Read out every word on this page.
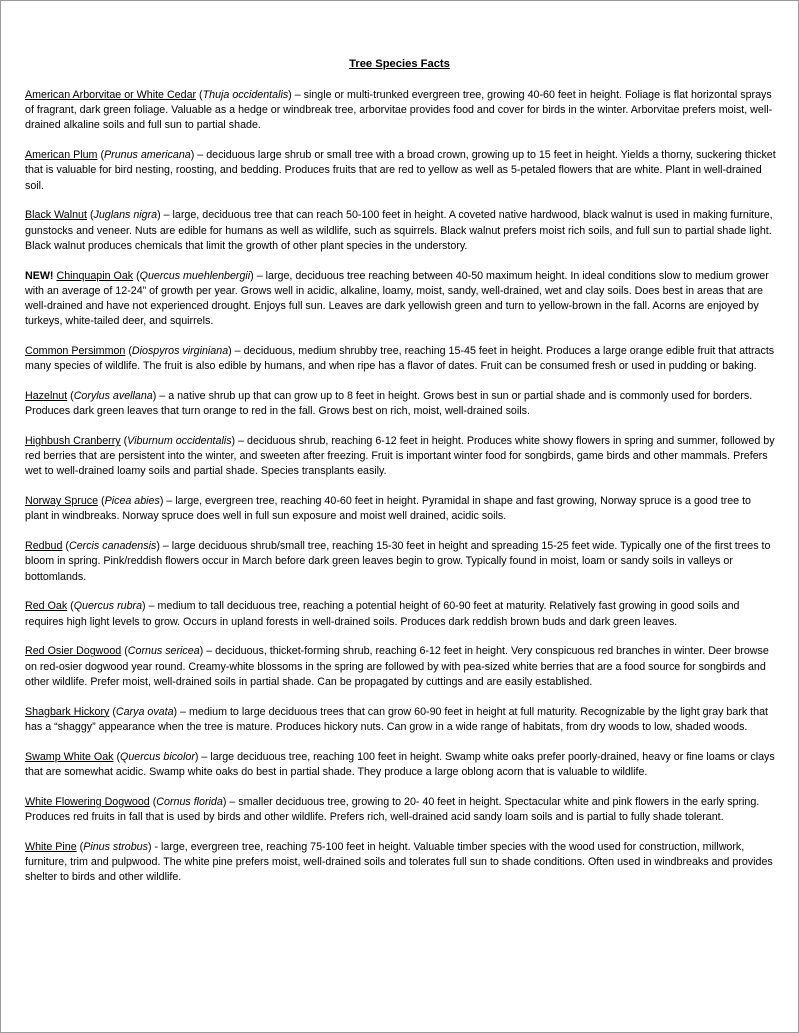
Tree Species Facts

American Arborvitae or White Cedar (Thuja occidentalis) – single or multi-trunked evergreen tree, growing 40-60 feet in height. Foliage is flat horizontal sprays of fragrant, dark green foliage. Valuable as a hedge or windbreak tree, arborvitae provides food and cover for birds in the winter. Arborvitae prefers moist, well-drained alkaline soils and full sun to partial shade.

American Plum (Prunus americana) – deciduous large shrub or small tree with a broad crown, growing up to 15 feet in height. Yields a thorny, suckering thicket that is valuable for bird nesting, roosting, and bedding. Produces fruits that are red to yellow as well as 5-petaled flowers that are white. Plant in well-drained soil.

Black Walnut (Juglans nigra) – large, deciduous tree that can reach 50-100 feet in height. A coveted native hardwood, black walnut is used in making furniture, gunstocks and veneer. Nuts are edible for humans as well as wildlife, such as squirrels. Black walnut prefers moist rich soils, and full sun to partial shade light. Black walnut produces chemicals that limit the growth of other plant species in the understory.

NEW! Chinquapin Oak (Quercus muehlenbergii) – large, deciduous tree reaching between 40-50 maximum height. In ideal conditions slow to medium grower with an average of 12-24” of growth per year. Grows well in acidic, alkaline, loamy, moist, sandy, well-drained, wet and clay soils. Does best in areas that are well-drained and have not experienced drought. Enjoys full sun. Leaves are dark yellowish green and turn to yellow-brown in the fall. Acorns are enjoyed by turkeys, white-tailed deer, and squirrels.

Common Persimmon (Diospyros virginiana) – deciduous, medium shrubby tree, reaching 15-45 feet in height. Produces a large orange edible fruit that attracts many species of wildlife. The fruit is also edible by humans, and when ripe has a flavor of dates. Fruit can be consumed fresh or used in pudding or baking.

Hazelnut (Corylus avellana) – a native shrub up that can grow up to 8 feet in height. Grows best in sun or partial shade and is commonly used for borders. Produces dark green leaves that turn orange to red in the fall. Grows best on rich, moist, well-drained soils.

Highbush Cranberry (Viburnum occidentalis) – deciduous shrub, reaching 6-12 feet in height. Produces white showy flowers in spring and summer, followed by red berries that are persistent into the winter, and sweeten after freezing. Fruit is important winter food for songbirds, game birds and other mammals. Prefers wet to well-drained loamy soils and partial shade. Species transplants easily.

Norway Spruce (Picea abies) – large, evergreen tree, reaching 40-60 feet in height. Pyramidal in shape and fast growing, Norway spruce is a good tree to plant in windbreaks. Norway spruce does well in full sun exposure and moist well drained, acidic soils.

Redbud (Cercis canadensis) – large deciduous shrub/small tree, reaching 15-30 feet in height and spreading 15-25 feet wide. Typically one of the first trees to bloom in spring. Pink/reddish flowers occur in March before dark green leaves begin to grow. Typically found in moist, loam or sandy soils in valleys or bottomlands.

Red Oak (Quercus rubra) – medium to tall deciduous tree, reaching a potential height of 60-90 feet at maturity. Relatively fast growing in good soils and requires high light levels to grow. Occurs in upland forests in well-drained soils. Produces dark reddish brown buds and dark green leaves.

Red Osier Dogwood (Cornus sericea) – deciduous, thicket-forming shrub, reaching 6-12 feet in height. Very conspicuous red branches in winter. Deer browse on red-osier dogwood year round. Creamy-white blossoms in the spring are followed by with pea-sized white berries that are a food source for songbirds and other wildlife. Prefer moist, well-drained soils in partial shade. Can be propagated by cuttings and are easily established.

Shagbark Hickory (Carya ovata) – medium to large deciduous trees that can grow 60-90 feet in height at full maturity. Recognizable by the light gray bark that has a “shaggy” appearance when the tree is mature. Produces hickory nuts. Can grow in a wide range of habitats, from dry woods to low, shaded woods.

Swamp White Oak (Quercus bicolor) – large deciduous tree, reaching 100 feet in height. Swamp white oaks prefer poorly-drained, heavy or fine loams or clays that are somewhat acidic. Swamp white oaks do best in partial shade. They produce a large oblong acorn that is valuable to wildlife.

White Flowering Dogwood (Cornus florida) – smaller deciduous tree, growing to 20- 40 feet in height. Spectacular white and pink flowers in the early spring. Produces red fruits in fall that is used by birds and other wildlife. Prefers rich, well-drained acid sandy loam soils and is partial to fully shade tolerant.

White Pine (Pinus strobus) - large, evergreen tree, reaching 75-100 feet in height. Valuable timber species with the wood used for construction, millwork, furniture, trim and pulpwood. The white pine prefers moist, well-drained soils and tolerates full sun to shade conditions. Often used in windbreaks and provides shelter to birds and other wildlife.
